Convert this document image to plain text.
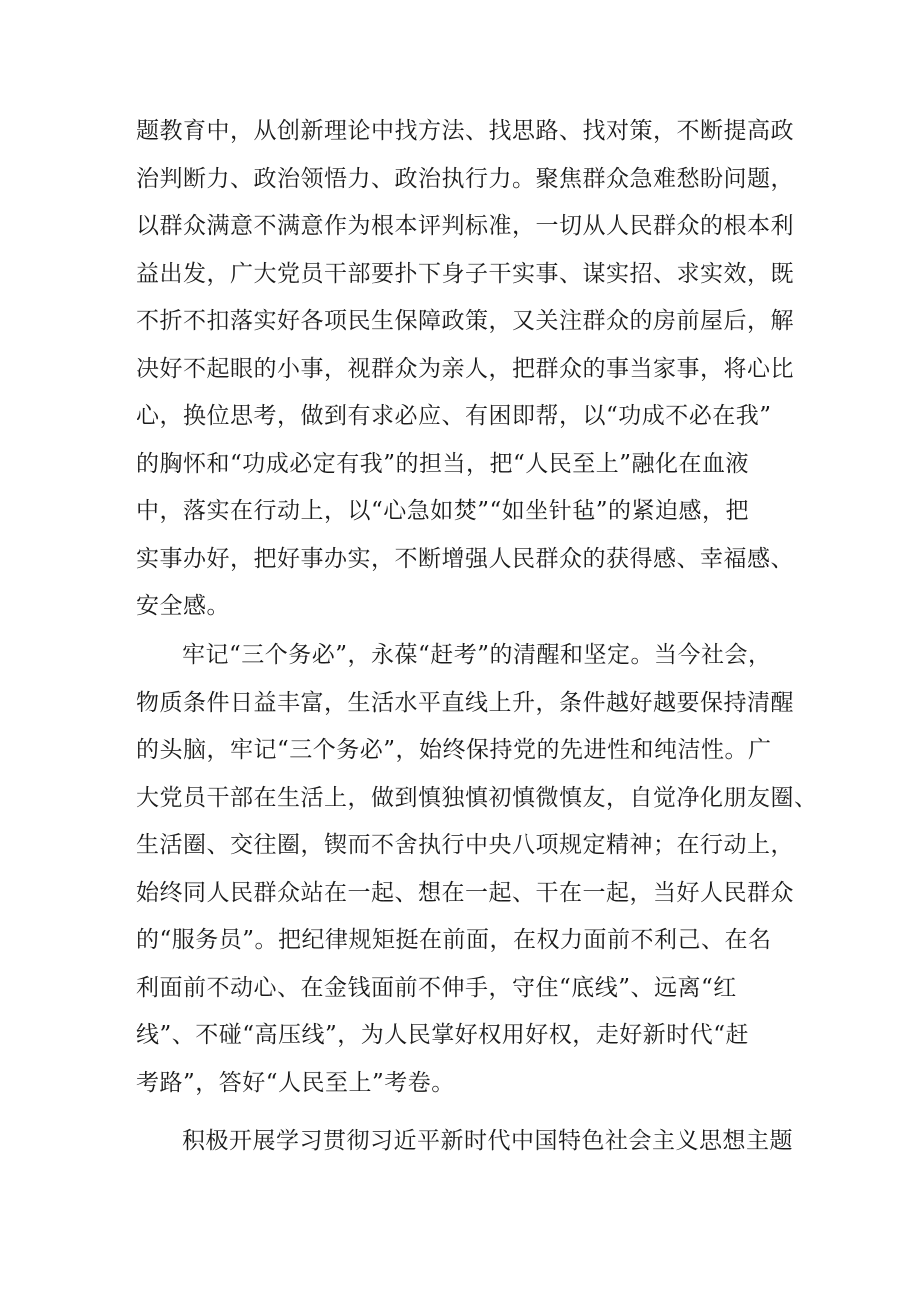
题教育中，从创新理论中找方法、找思路、找对策，不断提高政
治判断力、政治领悟力、政治执行力。聚焦群众急难愁盼问题，
以群众满意不满意作为根本评判标准，一切从人民群众的根本利
益出发，广大党员干部要扑下身子干实事、谋实招、求实效，既
不折不扣落实好各项民生保障政策，又关注群众的房前屋后，解
决好不起眼的小事，视群众为亲人，把群众的事当家事，将心比
心，换位思考，做到有求必应、有困即帮，以“功成不必在我”
的胸怀和“功成必定有我”的担当，把“人民至上”融化在血液
中，落实在行动上，以“心急如焚”“如坐针毡”的紧迫感，把
实事办好，把好事办实，不断增强人民群众的获得感、幸福感、
安全感。
牢记“三个务必”，永葆“赶考”的清醒和坚定。当今社会，
物质条件日益丰富，生活水平直线上升，条件越好越要保持清醒
的头脑，牢记“三个务必”，始终保持党的先进性和纯洁性。广
大党员干部在生活上，做到慎独慎初慎微慎友，自觉净化朋友圈、
生活圈、交往圈，锲而不舍执行中央八项规定精神；在行动上，
始终同人民群众站在一起、想在一起、干在一起，当好人民群众
的“服务员”。把纪律规矩挺在前面，在权力面前不利己、在名
利面前不动心、在金钱面前不伸手，守住“底线”、远离“红
线”、不碰“高压线”，为人民掌好权用好权，走好新时代“赶
考路”，答好“人民至上”考卷。
积极开展学习贯彻习近平新时代中国特色社会主义思想主题
